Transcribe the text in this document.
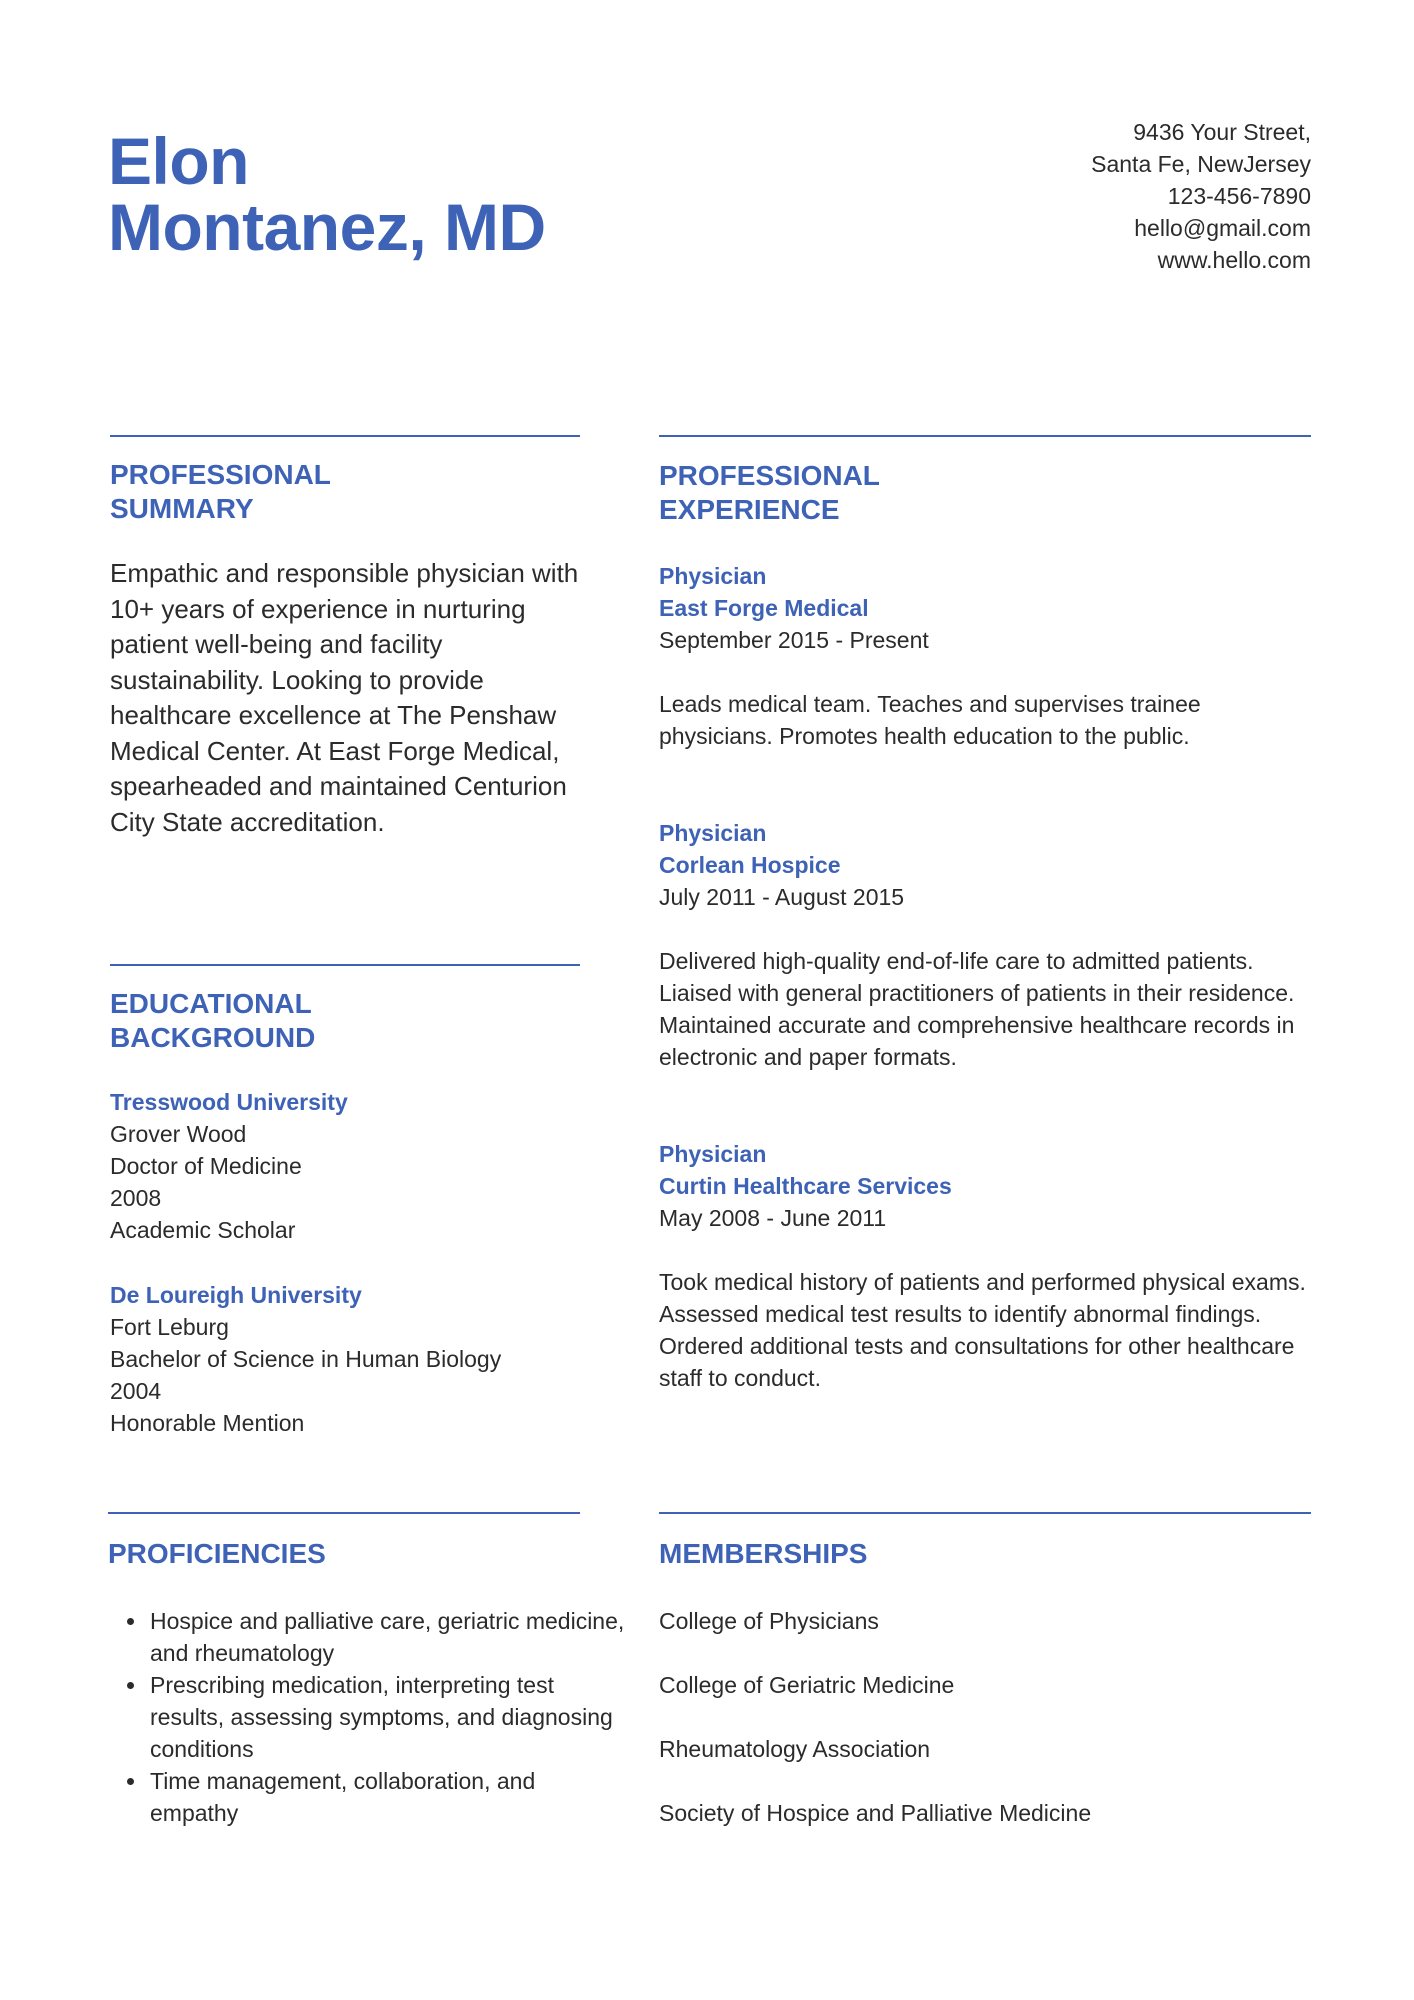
Elon
Montanez, MD
9436 Your Street,
Santa Fe, NewJersey
123-456-7890
hello@gmail.com
www.hello.com
PROFESSIONAL
SUMMARY
Empathic and responsible physician with 10+ years of experience in nurturing patient well-being and facility sustainability. Looking to provide healthcare excellence at The Penshaw Medical Center. At East Forge Medical, spearheaded and maintained Centurion City State accreditation.
EDUCATIONAL
BACKGROUND

Tresswood University

Grover Wood

Doctor of Medicine

2008

Academic Scholar

De Loureigh University

Fort Leburg

Bachelor of Science in Human Biology

2004

Honorable Mention

PROFESSIONAL
EXPERIENCE

Physician

East Forge Medical

September 2015 - Present

Leads medical team. Teaches and supervises trainee physicians. Promotes health education to the public.

Physician

Corlean Hospice

July 2011 - August 2015

Delivered high-quality end-of-life care to admitted patients. Liaised with general practitioners of patients in their residence. Maintained accurate and comprehensive healthcare records in electronic and paper formats.

Physician

Curtin Healthcare Services

May 2008 - June 2011

Took medical history of patients and performed physical exams. Assessed medical test results to identify abnormal findings. Ordered additional tests and consultations for other healthcare staff to conduct.

PROFICIENCIES
• Hospice and palliative care, geriatric medicine, and rheumatology
• Prescribing medication, interpreting test results, assessing symptoms, and diagnosing conditions
• Time management, collaboration, and empathy
MEMBERSHIPS
College of Physicians
College of Geriatric Medicine
Rheumatology Association
Society of Hospice and Palliative Medicine
